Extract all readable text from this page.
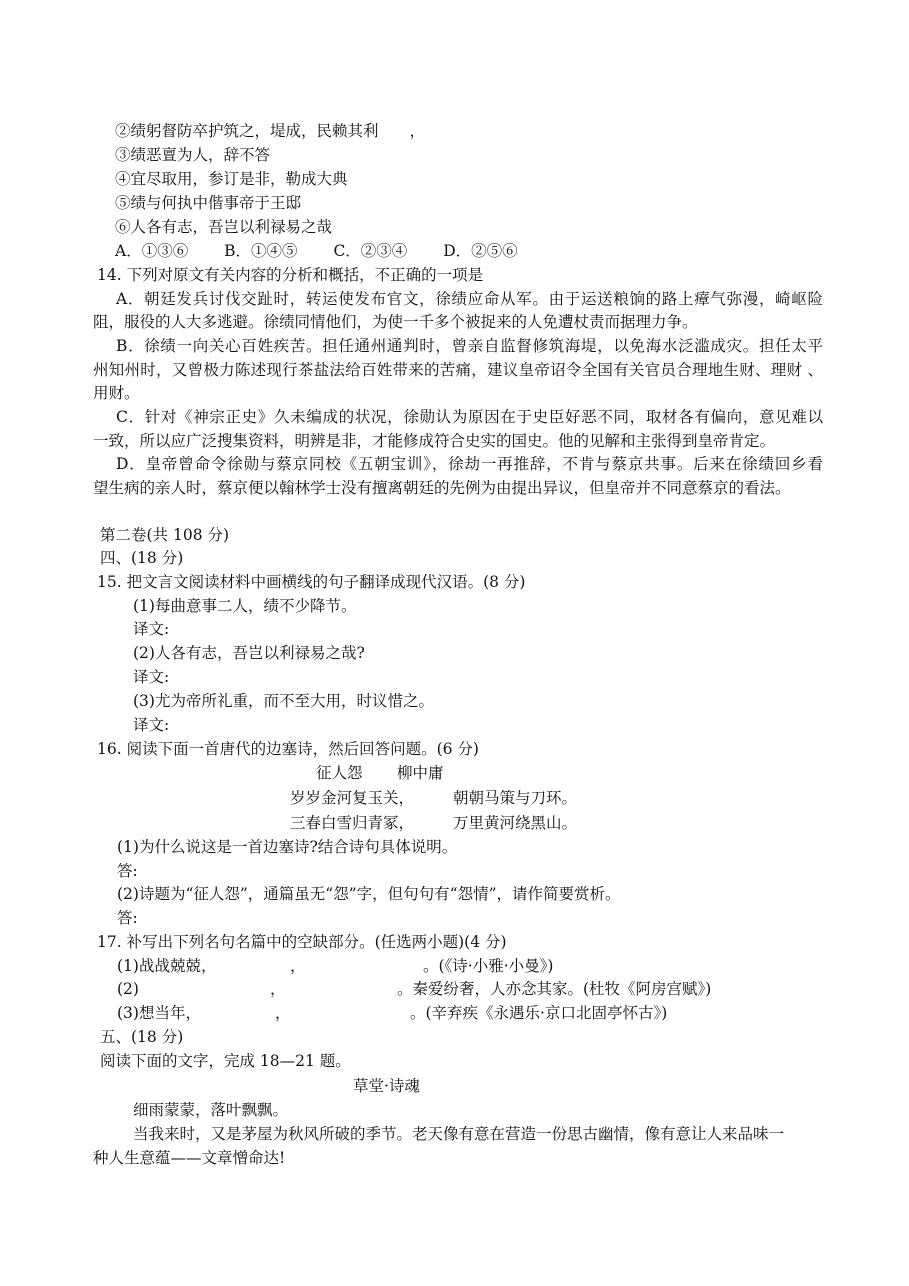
②绩躬督防卒护筑之，堤成，民赖其利　　，
③绩恶亶为人，辞不答
④宜尽取用，参订是非，勒成大典
⑤绩与何执中偕事帝于王邸
⑥人各有志，吾岂以利禄易之哉
A．①③⑥　　 B．①④⑤　　 C．②③④　　 D．②⑤⑥
14. 下列对原文有关内容的分析和概括，不正确的一项是
A．朝廷发兵讨伐交趾时，转运使发布官文，徐绩应命从军。由于运送粮饷的路上瘴气弥漫，崎岖险
阻，服役的人大多逃避。徐绩同情他们，为使一千多个被捉来的人免遭杖责而据理力争。
B．徐绩一向关心百姓疾苦。担任通州通判时，曾亲自监督修筑海堤，以免海水泛滥成灾。担任太平
州知州时，又曾极力陈述现行茶盐法给百姓带来的苦痛，建议皇帝诏令全国有关官员合理地生财、理财 、
用财。
C．针对《神宗正史》久未编成的状况，徐勋认为原因在于史臣好恶不同，取材各有偏向，意见难以
一致，所以应广泛搜集资料，明辨是非，才能修成符合史实的国史。他的见解和主张得到皇帝肯定。
D．皇帝曾命令徐勋与蔡京同校《五朝宝训》，徐劫一再推辞，不肯与蔡京共事。后来在徐绩回乡看
望生病的亲人时，蔡京便以翰林学士没有擅离朝廷的先例为由提出异议，但皇帝并不同意蔡京的看法。
第二卷(共 108 分)
四、(18 分)
15. 把文言文阅读材料中画横线的句子翻译成现代汉语。(8 分)
(1)每曲意事二人，绩不少降节。
译文:
(2)人各有志，吾岂以利禄易之哉?
译文:
(3)尤为帝所礼重，而不至大用，时议惜之。
译文:
16. 阅读下面一首唐代的边塞诗，然后回答问题。(6 分)
征人怨 柳中庸
岁岁金河复玉关，	朝朝马策与刀环。
三春白雪归青冢，	万里黄河绕黑山。
(1)为什么说这是一首边塞诗?结合诗句具体说明。
答:
(2)诗题为“征人怨”，通篇虽无“怨”字，但句句有“怨情”，请作简要赏析。
答:
17. 补写出下列名句名篇中的空缺部分。(任选两小题)(4 分)
(1)战战兢兢，	，	。(《诗·小雅·小曼》)
(2)	，	。秦爱纷奢，人亦念其家。(杜牧《阿房宫赋》)
(3)想当年，	，	。(辛弃疾《永遇乐·京口北固亭怀古》)
五、(18 分)
阅读下面的文字，完成 18—21 题。
草堂·诗魂
细雨蒙蒙，落叶飘飘。
当我来时，又是茅屋为秋风所破的季节。老天像有意在营造一份思古幽情，像有意让人来品味一
种人生意蕴——文章憎命达!
